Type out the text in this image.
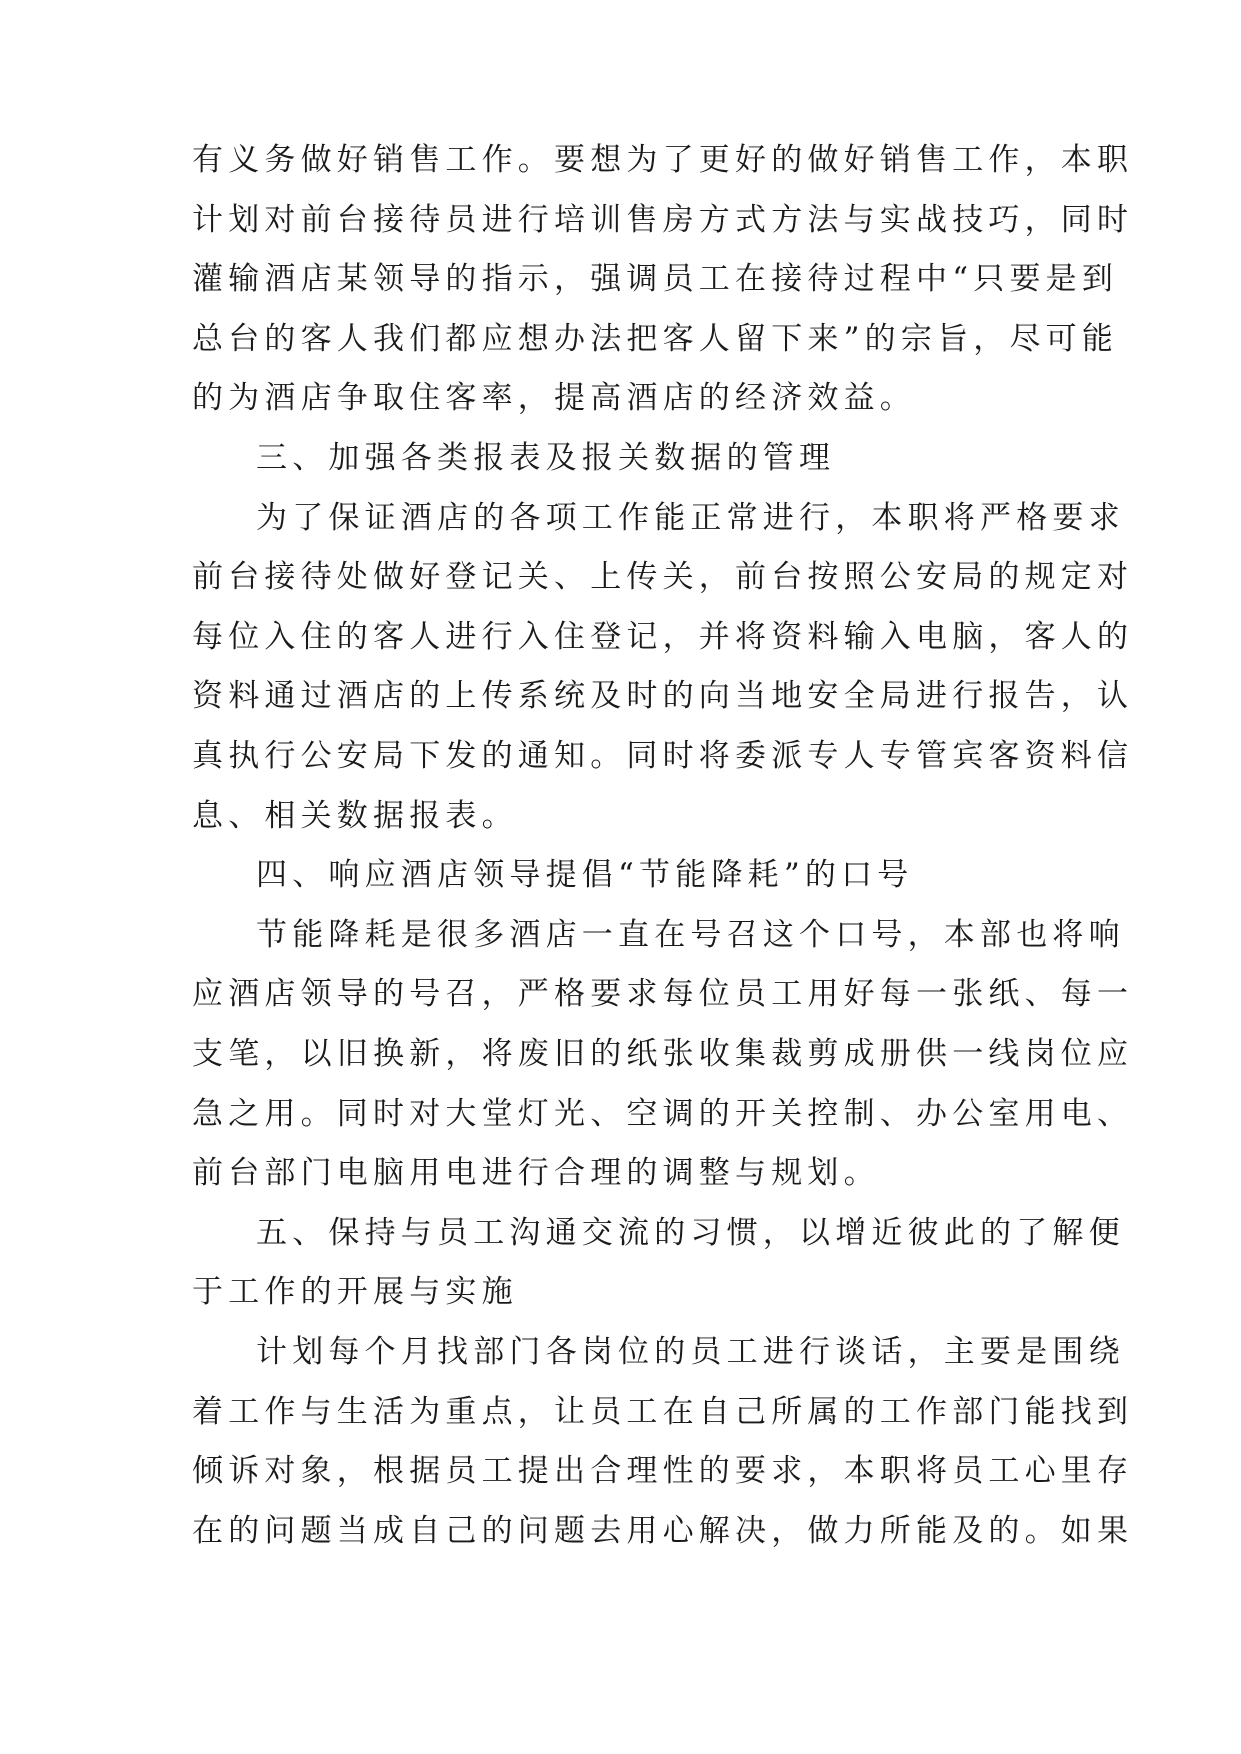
有义务做好销售工作。要想为了更好的做好销售工作，本职
计划对前台接待员进行培训售房方式方法与实战技巧，同时
灌输酒店某领导的指示，强调员工在接待过程中“只要是到
总台的客人我们都应想办法把客人留下来”的宗旨，尽可能
的为酒店争取住客率，提高酒店的经济效益。
三、加强各类报表及报关数据的管理
为了保证酒店的各项工作能正常进行，本职将严格要求
前台接待处做好登记关、上传关，前台按照公安局的规定对
每位入住的客人进行入住登记，并将资料输入电脑，客人的
资料通过酒店的上传系统及时的向当地安全局进行报告，认
真执行公安局下发的通知。同时将委派专人专管宾客资料信
息、相关数据报表。
四、响应酒店领导提倡“节能降耗”的口号
节能降耗是很多酒店一直在号召这个口号，本部也将响
应酒店领导的号召，严格要求每位员工用好每一张纸、每一
支笔，以旧换新，将废旧的纸张收集裁剪成册供一线岗位应
急之用。同时对大堂灯光、空调的开关控制、办公室用电、
前台部门电脑用电进行合理的调整与规划。
五、保持与员工沟通交流的习惯，以增近彼此的了解便
于工作的开展与实施
计划每个月找部门各岗位的员工进行谈话，主要是围绕
着工作与生活为重点，让员工在自己所属的工作部门能找到
倾诉对象，根据员工提出合理性的要求，本职将员工心里存
在的问题当成自己的问题去用心解决，做力所能及的。如果
